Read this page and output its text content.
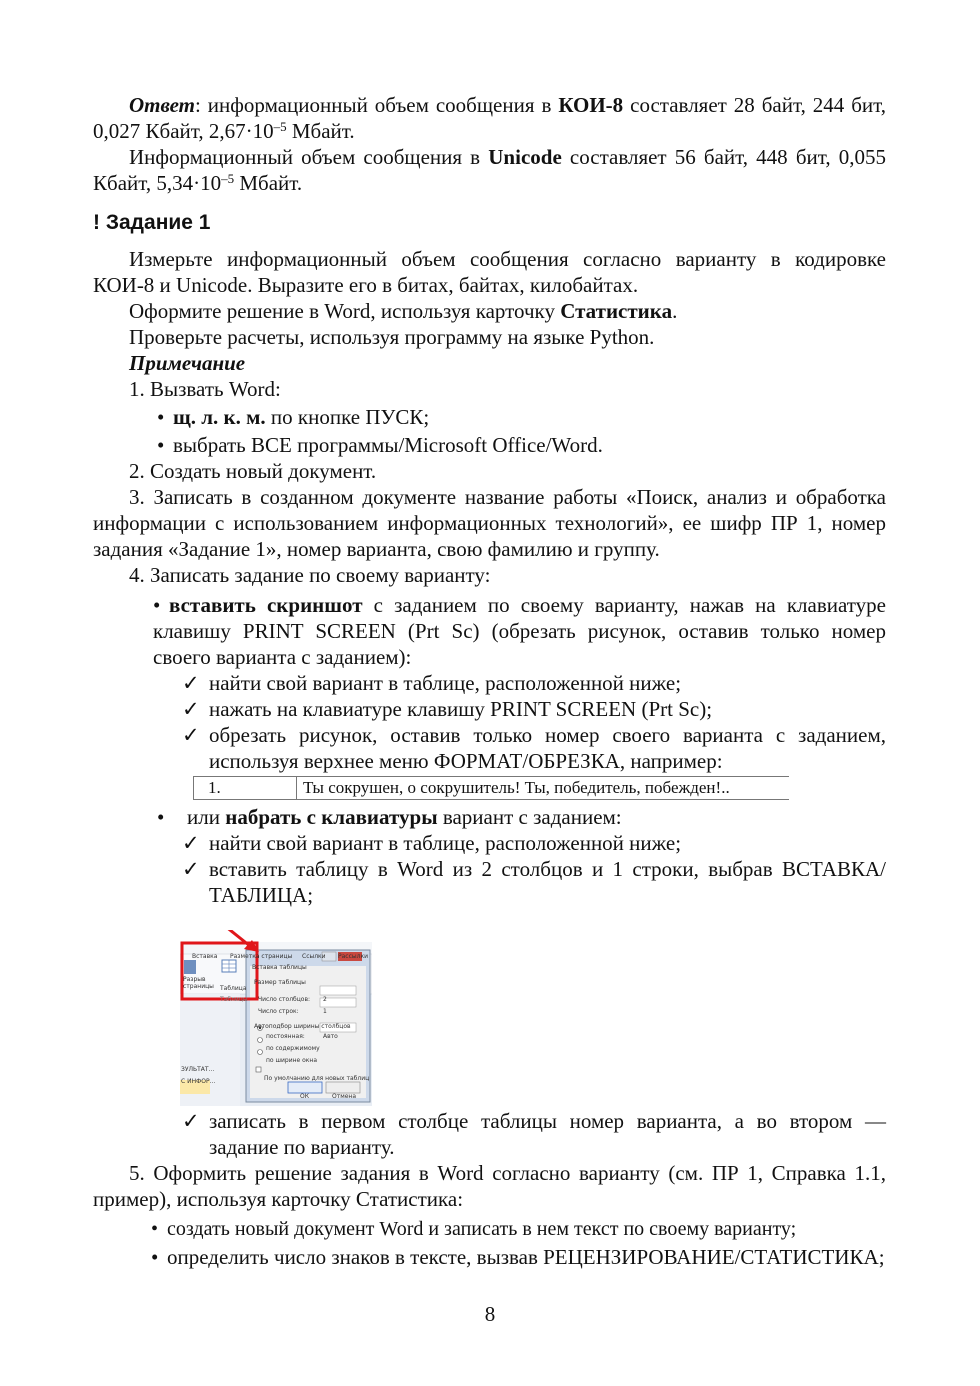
Ответ: информационный объем сообщения в КОИ-8 составляет 28 байт, 244 бит, 0,027 Кбайт, $2,67\cdot 10^{-5}$ Мбайт.

Информационный объем сообщения в Unicode составляет 56 байт, 448 бит, 0,055 Кбайт, $5,34\cdot 10^{-5}$ Мбайт.

! Задание 1

Измерьте информационный объем сообщения согласно варианту в кодировке КОИ-8 и Unicode. Выразите его в битах, байтах, килобайтах.

Оформите решение в Word, используя карточку Статистика.

Проверьте расчеты, используя программу на языке Python.

Примечание

1. Вызвать Word:

• щ. л. к. м. по кнопке ПУСК;

• выбрать ВСЕ программы/Microsoft Office/Word.

2. Создать новый документ.

3. Записать в созданном документе название работы «Поиск, анализ и обработка информации с использованием информационных технологий», ее шифр ПР 1, номер задания «Задание 1», номер варианта, свою фамилию и группу.

4. Записать задание по своему варианту:

• вставить скриншот с заданием по своему варианту, нажав на клавиатуре клавишу PRINT SCREEN (Prt Sc) (обрезать рисунок, оставив только номер своего варианта с заданием):

✓ найти свой вариант в таблице, расположенной ниже;

✓ нажать на клавиатуре клавишу PRINT SCREEN (Prt Sc);

✓ обрезать рисунок, оставив только номер своего варианта с заданием, используя верхнее меню ФОРМАТ/ОБРЕЗКА, например:

1.	Ты сокрушен, о сокрушитель! Ты, победитель, побежден!..

• или набрать с клавиатуры вариант с заданием:

✓ найти свой вариант в таблице, расположенной ниже;

✓ вставить таблицу в Word из 2 столбцов и 1 строки, выбрав ВСТАВКА/ТАБЛИЦА;

Вставка Разметка страницы Ссылки Рассылки
Разрыв страницы Таблица
Таблицы
Вставка таблицы
Размер таблицы
Число столбцов: 2
Число строк:	1
Автоподбор ширины столбцов
постоянная:	Авто
по содержимому
по ширине окна
По умолчанию для новых таблиц
ОК	Отмена
ЗУЛЬТАТ...
С ИНФОР...

✓ записать в первом столбце таблицы номер варианта, а во втором — задание по варианту.

5. Оформить решение задания в Word согласно варианту (см. ПР 1, Справка 1.1, пример), используя карточку Статистика:

• создать новый документ Word и записать в нем текст по своему варианту;

• определить число знаков в тексте, вызвав РЕЦЕНЗИРОВАНИЕ/СТАТИСТИКА;

8
